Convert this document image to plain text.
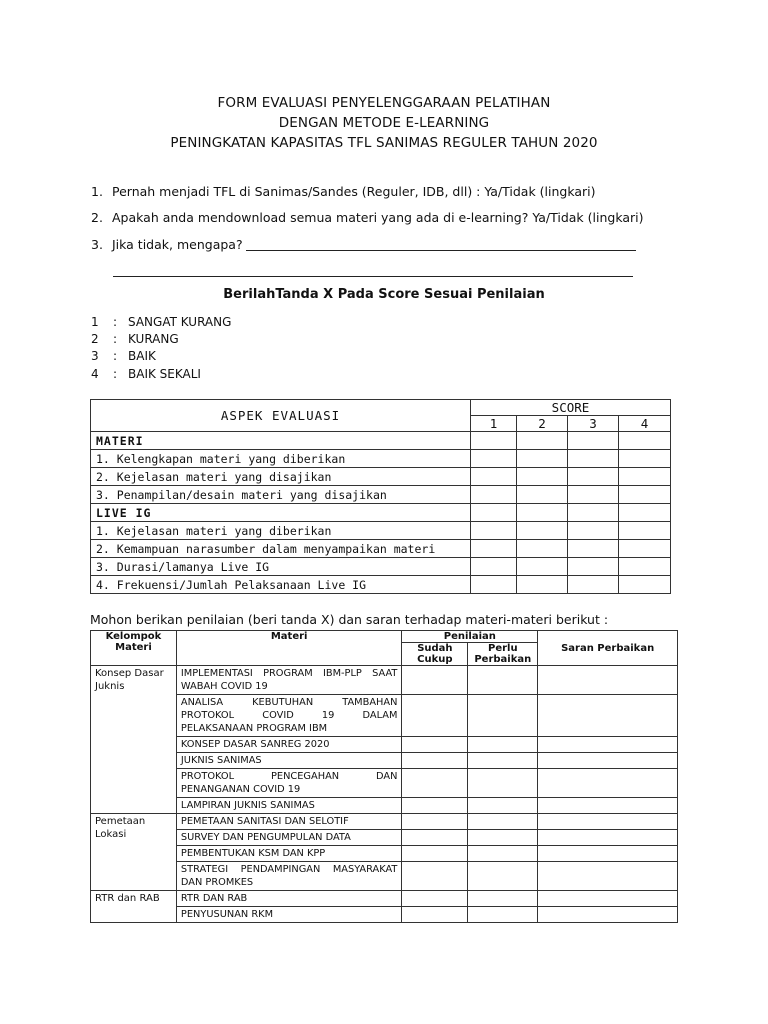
FORM EVALUASI PENYELENGGARAAN PELATIHAN
DENGAN METODE E-LEARNING
PENINGKATAN KAPASITAS TFL SANIMAS REGULER TAHUN 2020
1. Pernah menjadi TFL di Sanimas/Sandes (Reguler, IDB, dll) : Ya/Tidak (lingkari)
2. Apakah anda mendownload semua materi yang ada di e-learning? Ya/Tidak (lingkari)
3. Jika tidak, mengapa?
BerilahTanda X Pada Score Sesuai Penilaian
1 : SANGAT KURANG
2 : KURANG
3 : BAIK
4 : BAIK SEKALI
ASPEK EVALUASI	SCORE			
	1	2	3	4
MATERI				
1. Kelengkapan materi yang diberikan				
2. Kejelasan materi yang disajikan				
3. Penampilan/desain materi yang disajikan				
LIVE IG				
1. Kejelasan materi yang diberikan				
2. Kemampuan narasumber dalam menyampaikan materi				
3. Durasi/lamanya Live IG				
4. Frekuensi/Jumlah Pelaksanaan Live IG				
Mohon berikan penilaian (beri tanda X) dan saran terhadap materi-materi berikut :
Kelompok Materi	Materi	Penilaian		Saran Perbaikan
		Sudah Cukup	Perlu Perbaikan	
Konsep Dasar Juknis	IMPLEMENTASI PROGRAM IBM-PLP SAAT WABAH COVID 19			
	ANALISA KEBUTUHAN TAMBAHAN PROTOKOL COVID 19 DALAM PELAKSANAAN PROGRAM IBM			
	KONSEP DASAR SANREG 2020			
	JUKNIS SANIMAS			
	PROTOKOL PENCEGAHAN DAN PENANGANAN COVID 19			
	LAMPIRAN JUKNIS SANIMAS			
Pemetaan Lokasi	PEMETAAN SANITASI DAN SELOTIF			
	SURVEY DAN PENGUMPULAN DATA			
	PEMBENTUKAN KSM DAN KPP			
	STRATEGI PENDAMPINGAN MASYARAKAT DAN PROMKES			
RTR dan RAB	RTR DAN RAB			
	PENYUSUNAN RKM			
